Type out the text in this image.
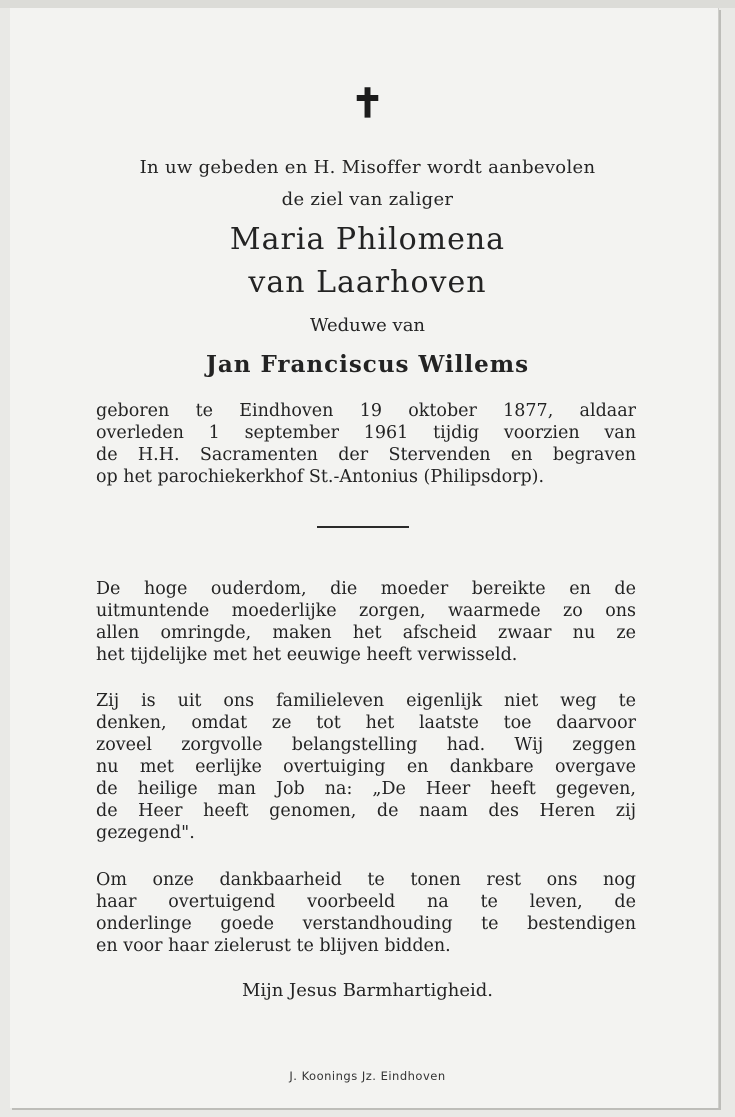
✝
In uw gebeden en H. Misoffer wordt aanbevolen
de ziel van zaliger
Maria Philomena
van Laarhoven
Weduwe van
Jan Franciscus Willems
geboren te Eindhoven 19 oktober 1877, aldaar
overleden 1 september 1961 tijdig voorzien van
de H.H. Sacramenten der Stervenden en begraven
op het parochiekerkhof St.-Antonius (Philipsdorp).
De hoge ouderdom, die moeder bereikte en de
uitmuntende moederlijke zorgen, waarmede zo ons
allen omringde, maken het afscheid zwaar nu ze
het tijdelijke met het eeuwige heeft verwisseld.
Zij is uit ons familieleven eigenlijk niet weg te
denken, omdat ze tot het laatste toe daarvoor
zoveel zorgvolle belangstelling had. Wij zeggen
nu met eerlijke overtuiging en dankbare overgave
de heilige man Job na: „De Heer heeft gegeven,
de Heer heeft genomen, de naam des Heren zij
gezegend".
Om onze dankbaarheid te tonen rest ons nog
haar overtuigend voorbeeld na te leven, de
onderlinge goede verstandhouding te bestendigen
en voor haar zielerust te blijven bidden.
Mijn Jesus Barmhartigheid.
J. Koonings Jz. Eindhoven
